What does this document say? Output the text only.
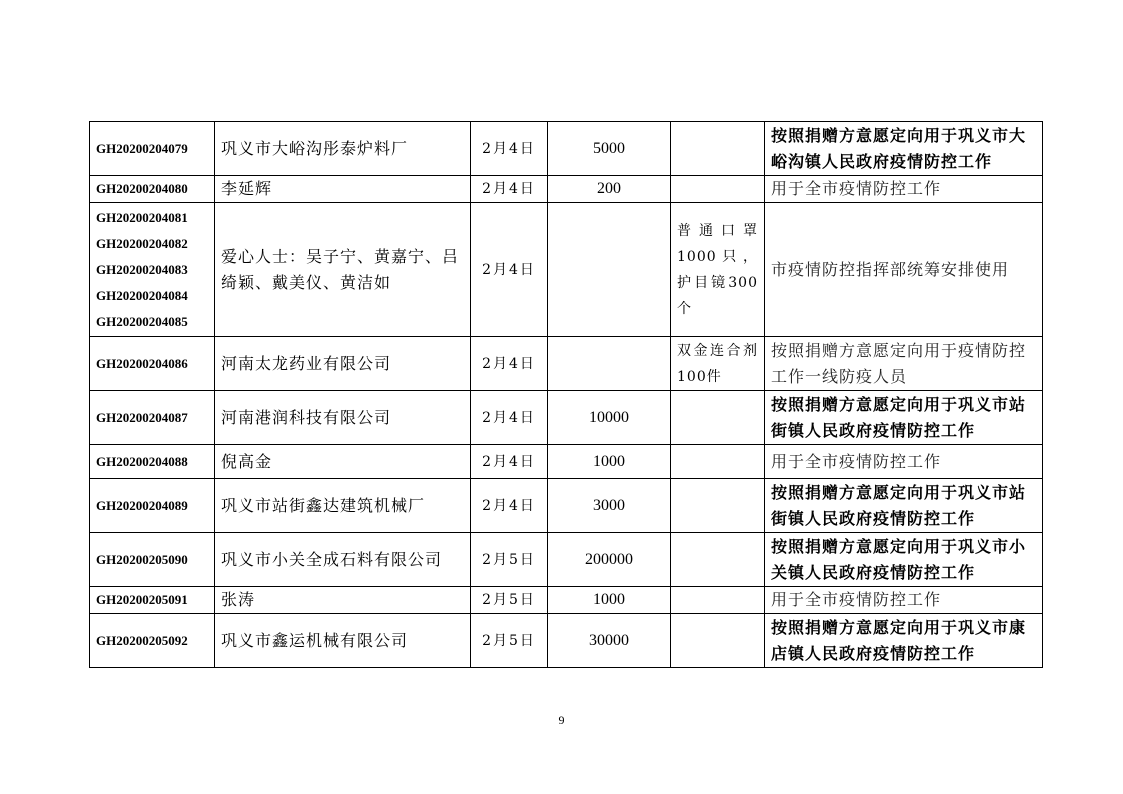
GH20200204079	巩义市大峪沟彤泰炉料厂	2月4日	5000		按照捐赠方意愿定向用于巩义市大峪沟镇人民政府疫情防控工作

GH20200204080	李延辉	2月4日	200		用于全市疫情防控工作

GH20200204081
GH20200204082
GH20200204083
GH20200204084
GH20200204085	爱心人士：吴子宁、黄嘉宁、吕绮颖、戴美仪、黄洁如	2月4日		普通口罩1000只，护目镜300个	市疫情防控指挥部统筹安排使用

GH20200204086	河南太龙药业有限公司	2月4日		双金连合剂100件	按照捐赠方意愿定向用于疫情防控工作一线防疫人员

GH20200204087	河南港润科技有限公司	2月4日	10000		按照捐赠方意愿定向用于巩义市站街镇人民政府疫情防控工作

GH20200204088	倪高金	2月4日	1000		用于全市疫情防控工作

GH20200204089	巩义市站街鑫达建筑机械厂	2月4日	3000		按照捐赠方意愿定向用于巩义市站街镇人民政府疫情防控工作

GH20200205090	巩义市小关全成石料有限公司	2月5日	200000		按照捐赠方意愿定向用于巩义市小关镇人民政府疫情防控工作

GH20200205091	张涛	2月5日	1000		用于全市疫情防控工作

GH20200205092	巩义市鑫运机械有限公司	2月5日	30000		按照捐赠方意愿定向用于巩义市康店镇人民政府疫情防控工作
9
